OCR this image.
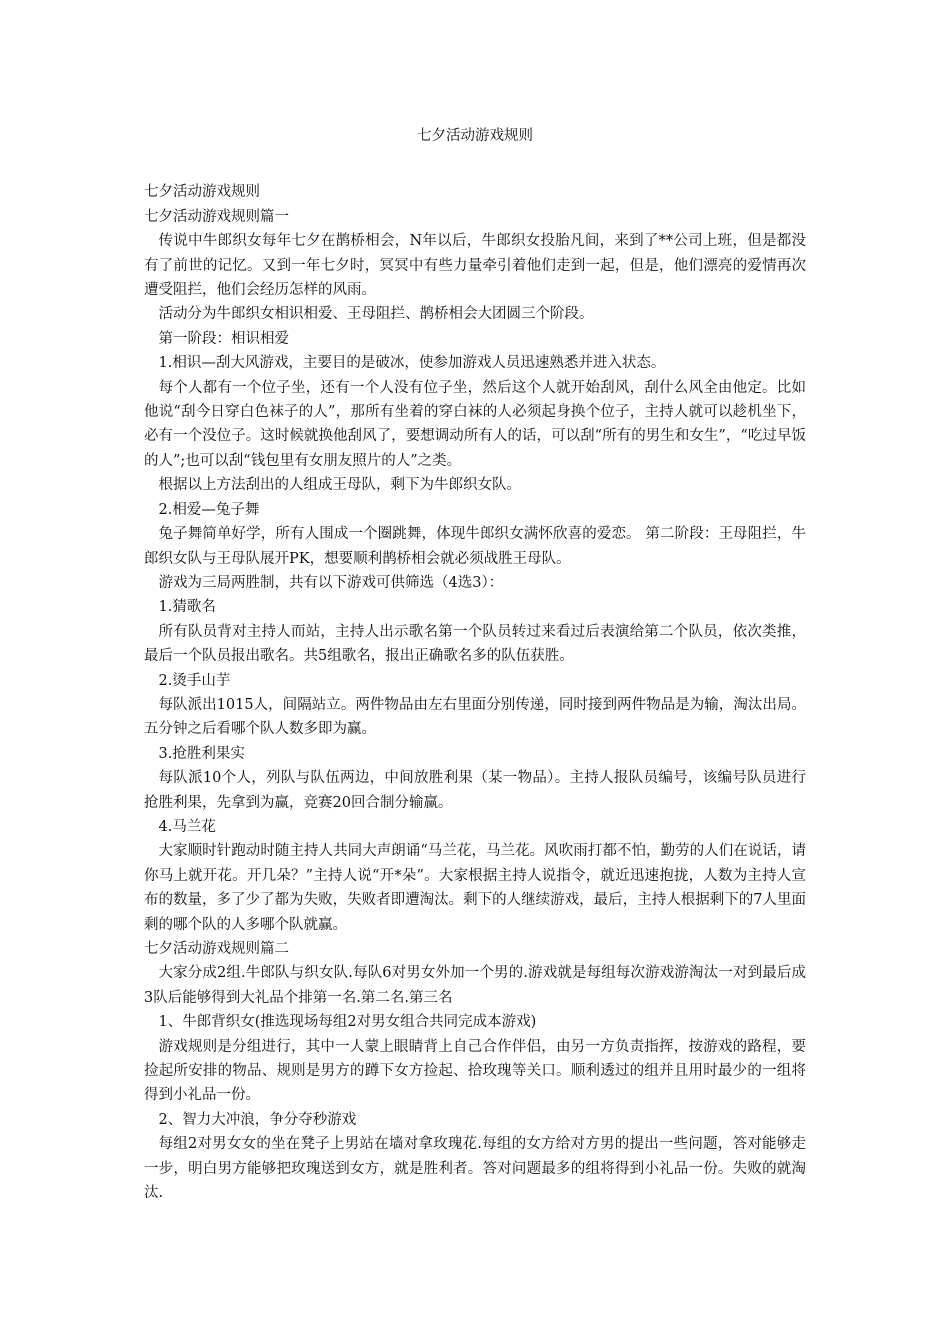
七夕活动游戏规则

七夕活动游戏规则

七夕活动游戏规则篇一

传说中牛郎织女每年七夕在鹊桥相会，N年以后，牛郎织女投胎凡间，来到了**公司上班，但是都没有了前世的记忆。又到一年七夕时，冥冥中有些力量牵引着他们走到一起，但是，他们漂亮的爱情再次遭受阻拦，他们会经历怎样的风雨。

活动分为牛郎织女相识相爱、王母阻拦、鹊桥相会大团圆三个阶段。

第一阶段：相识相爱

1.相识—刮大风游戏，主要目的是破冰，使参加游戏人员迅速熟悉并进入状态。

每个人都有一个位子坐，还有一个人没有位子坐，然后这个人就开始刮风，刮什么风全由他定。比如他说“刮今日穿白色袜子的人”，那所有坐着的穿白袜的人必须起身换个位子，主持人就可以趁机坐下，必有一个没位子。这时候就换他刮风了，要想调动所有人的话，可以刮“所有的男生和女生”，“吃过早饭的人”;也可以刮“钱包里有女朋友照片的人”之类。

根据以上方法刮出的人组成王母队，剩下为牛郎织女队。

2.相爱—兔子舞

兔子舞简单好学，所有人围成一个圈跳舞，体现牛郎织女满怀欣喜的爱恋。 第二阶段：王母阻拦，牛郎织女队与王母队展开PK，想要顺利鹊桥相会就必须战胜王母队。

游戏为三局两胜制，共有以下游戏可供筛选（4选3）：

1.猜歌名

所有队员背对主持人而站，主持人出示歌名第一个队员转过来看过后表演给第二个队员，依次类推，最后一个队员报出歌名。共5组歌名，报出正确歌名多的队伍获胜。

2.烫手山芋

每队派出1015人，间隔站立。两件物品由左右里面分别传递，同时接到两件物品是为输，淘汰出局。五分钟之后看哪个队人数多即为赢。

3.抢胜利果实

每队派10个人，列队与队伍两边，中间放胜利果（某一物品）。主持人报队员编号，该编号队员进行抢胜利果，先拿到为赢，竞赛20回合制分输赢。

4.马兰花

大家顺时针跑动时随主持人共同大声朗诵“马兰花，马兰花。风吹雨打都不怕，勤劳的人们在说话，请你马上就开花。开几朵？”主持人说“开*朵”。大家根据主持人说指令，就近迅速抱拢，人数为主持人宣布的数量，多了少了都为失败，失败者即遭淘汰。剩下的人继续游戏，最后，主持人根据剩下的7人里面剩的哪个队的人多哪个队就赢。

七夕活动游戏规则篇二

大家分成2组.牛郎队与织女队.每队6对男女外加一个男的.游戏就是每组每次游戏游淘汰一对到最后成3队后能够得到大礼品个排第一名.第二名.第三名

1、牛郎背织女(推选现场每组2对男女组合共同完成本游戏)

游戏规则是分组进行，其中一人蒙上眼睛背上自己合作伴侣，由另一方负责指挥，按游戏的路程，要捡起所安排的物品、规则是男方的蹲下女方捡起、拾玫瑰等关口。顺利透过的组并且用时最少的一组将得到小礼品一份。

2、智力大冲浪，争分夺秒游戏

每组2对男女女的坐在凳子上男站在墙对拿玫瑰花.每组的女方给对方男的提出一些问题，答对能够走一步，明白男方能够把玫瑰送到女方，就是胜利者。答对问题最多的组将得到小礼品一份。失败的就淘汰.
